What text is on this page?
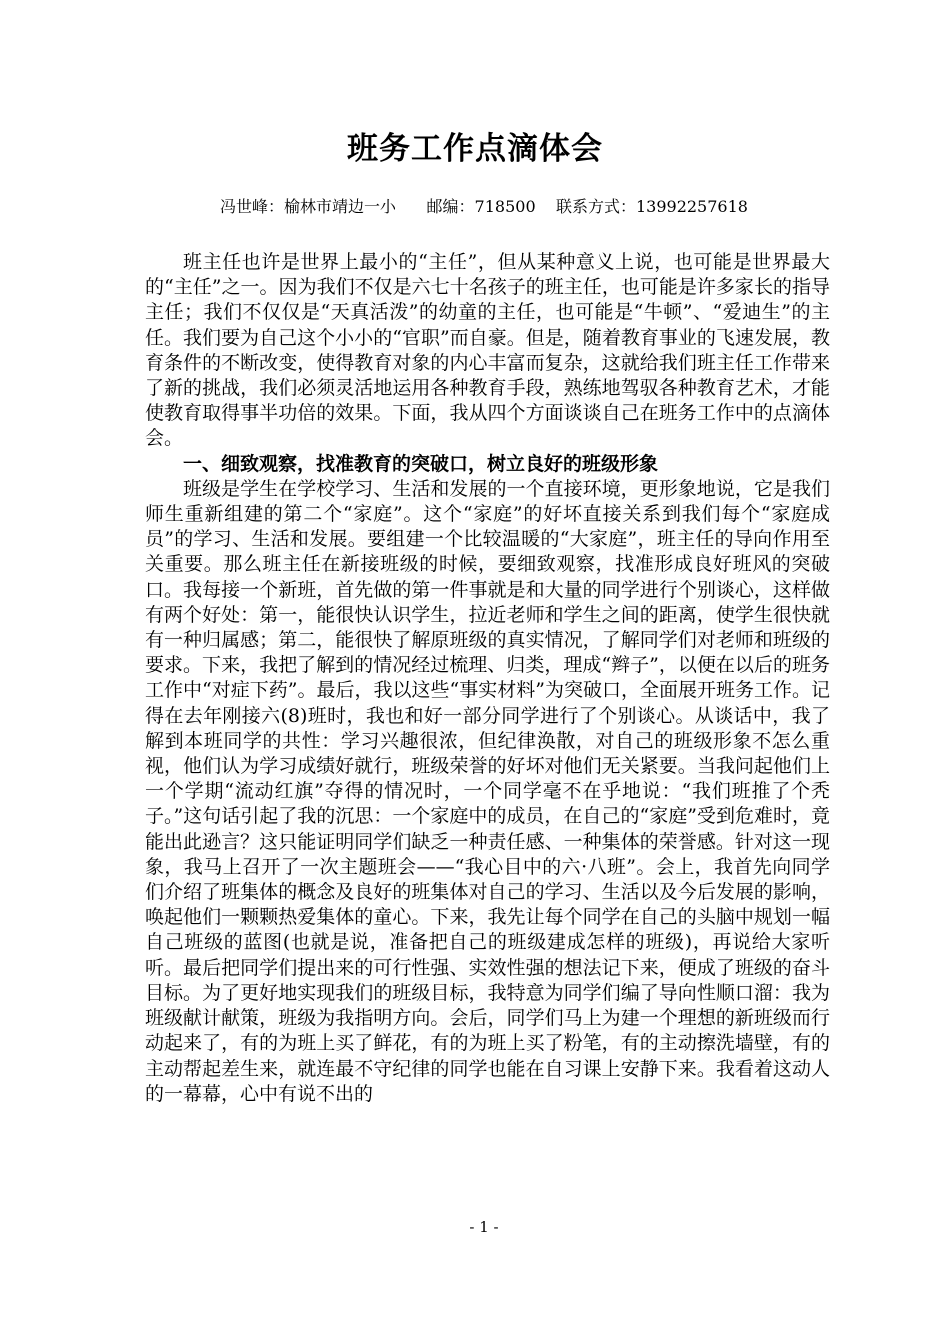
班务工作点滴体会
冯世峰：榆林市靖边一小      邮编：718500    联系方式：13992257618

班主任也许是世界上最小的“主任”，但从某种意义上说，也可能是世界最大的“主任”之一。因为我们不仅是六七十名孩子的班主任，也可能是许多家长的指导主任；我们不仅仅是“天真活泼”的幼童的主任，也可能是“牛顿”、“爱迪生”的主任。我们要为自己这个小小的“官职”而自豪。但是，随着教育事业的飞速发展，教育条件的不断改变，使得教育对象的内心丰富而复杂，这就给我们班主任工作带来了新的挑战，我们必须灵活地运用各种教育手段，熟练地驾驭各种教育艺术，才能使教育取得事半功倍的效果。下面，我从四个方面谈谈自己在班务工作中的点滴体会。

一、细致观察，找准教育的突破口，树立良好的班级形象

班级是学生在学校学习、生活和发展的一个直接环境，更形象地说，它是我们师生重新组建的第二个“家庭”。这个“家庭”的好坏直接关系到我们每个“家庭成员”的学习、生活和发展。要组建一个比较温暖的“大家庭”，班主任的导向作用至关重要。那么班主任在新接班级的时候，要细致观察，找准形成良好班风的突破口。我每接一个新班，首先做的第一件事就是和大量的同学进行个别谈心，这样做有两个好处：第一，能很快认识学生，拉近老师和学生之间的距离，使学生很快就有一种归属感；第二，能很快了解原班级的真实情况，了解同学们对老师和班级的要求。下来，我把了解到的情况经过梳理、归类，理成“辫子”，以便在以后的班务工作中“对症下药”。最后，我以这些“事实材料”为突破口，全面展开班务工作。记得在去年刚接六(8)班时，我也和好一部分同学进行了个别谈心。从谈话中，我了解到本班同学的共性：学习兴趣很浓，但纪律涣散，对自己的班级形象不怎么重视，他们认为学习成绩好就行，班级荣誉的好坏对他们无关紧要。当我问起他们上一个学期“流动红旗”夺得的情况时，一个同学毫不在乎地说：“我们班推了个秃子。”这句话引起了我的沉思：一个家庭中的成员，在自己的“家庭”受到危难时，竟能出此逊言？这只能证明同学们缺乏一种责任感、一种集体的荣誉感。针对这一现象，我马上召开了一次主题班会——“我心目中的六·八班”。会上，我首先向同学们介绍了班集体的概念及良好的班集体对自己的学习、生活以及今后发展的影响，唤起他们一颗颗热爱集体的童心。下来，我先让每个同学在自己的头脑中规划一幅自己班级的蓝图(也就是说，准备把自己的班级建成怎样的班级)，再说给大家听听。最后把同学们提出来的可行性强、实效性强的想法记下来，便成了班级的奋斗目标。为了更好地实现我们的班级目标，我特意为同学们编了导向性顺口溜：我为班级献计献策，班级为我指明方向。会后，同学们马上为建一个理想的新班级而行动起来了，有的为班上买了鲜花，有的为班上买了粉笔，有的主动擦洗墙壁，有的主动帮起差生来，就连最不守纪律的同学也能在自习课上安静下来。我看着这动人的一幕幕，心中有说不出的

- 1 -
